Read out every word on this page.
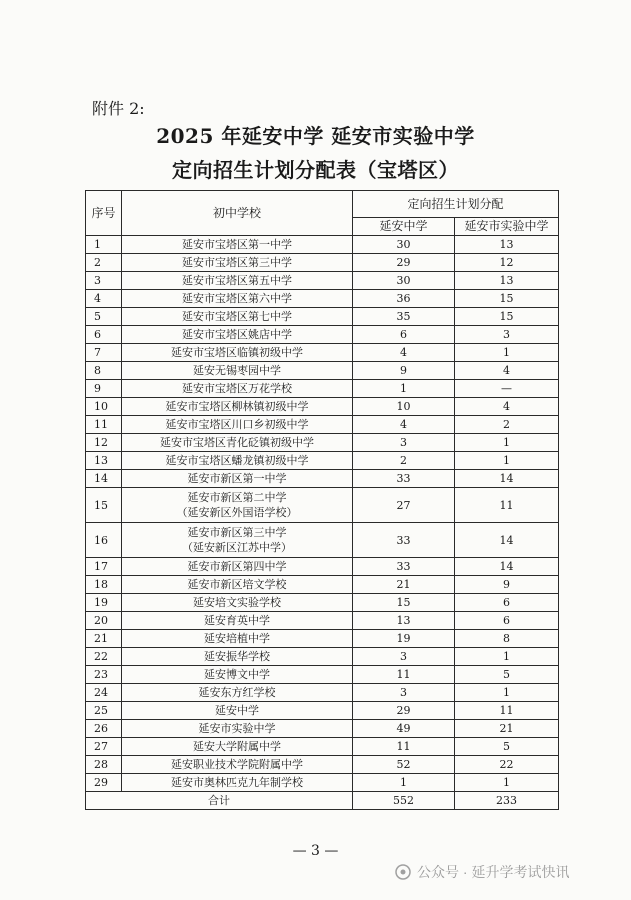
附件 2:
2025 年延安中学 延安市实验中学
定向招生计划分配表（宝塔区）
序号	初中学校	定向招生计划分配	
		延安中学	延安市实验中学
1	延安市宝塔区第一中学	30	13
2	延安市宝塔区第三中学	29	12
3	延安市宝塔区第五中学	30	13
4	延安市宝塔区第六中学	36	15
5	延安市宝塔区第七中学	35	15
6	延安市宝塔区姚店中学	6	3
7	延安市宝塔区临镇初级中学	4	1
8	延安无锡枣园中学	9	4
9	延安市宝塔区万花学校	1	—
10	延安市宝塔区柳林镇初级中学	10	4
11	延安市宝塔区川口乡初级中学	4	2
12	延安市宝塔区青化砭镇初级中学	3	1
13	延安市宝塔区蟠龙镇初级中学	2	1
14	延安市新区第一中学	33	14
15	延安市新区第二中学
（延安新区外国语学校）	27	11
16	延安市新区第三中学
（延安新区江苏中学）	33	14
17	延安市新区第四中学	33	14
18	延安市新区培文学校	21	9
19	延安培文实验学校	15	6
20	延安育英中学	13	6
21	延安培植中学	19	8
22	延安振华学校	3	1
23	延安博文中学	11	5
24	延安东方红学校	3	1
25	延安中学	29	11
26	延安市实验中学	49	21
27	延安大学附属中学	11	5
28	延安职业技术学院附属中学	52	22
29	延安市奥林匹克九年制学校	1	1
合计		552	233
— 3 —
公众号 · 延升学考试快讯
